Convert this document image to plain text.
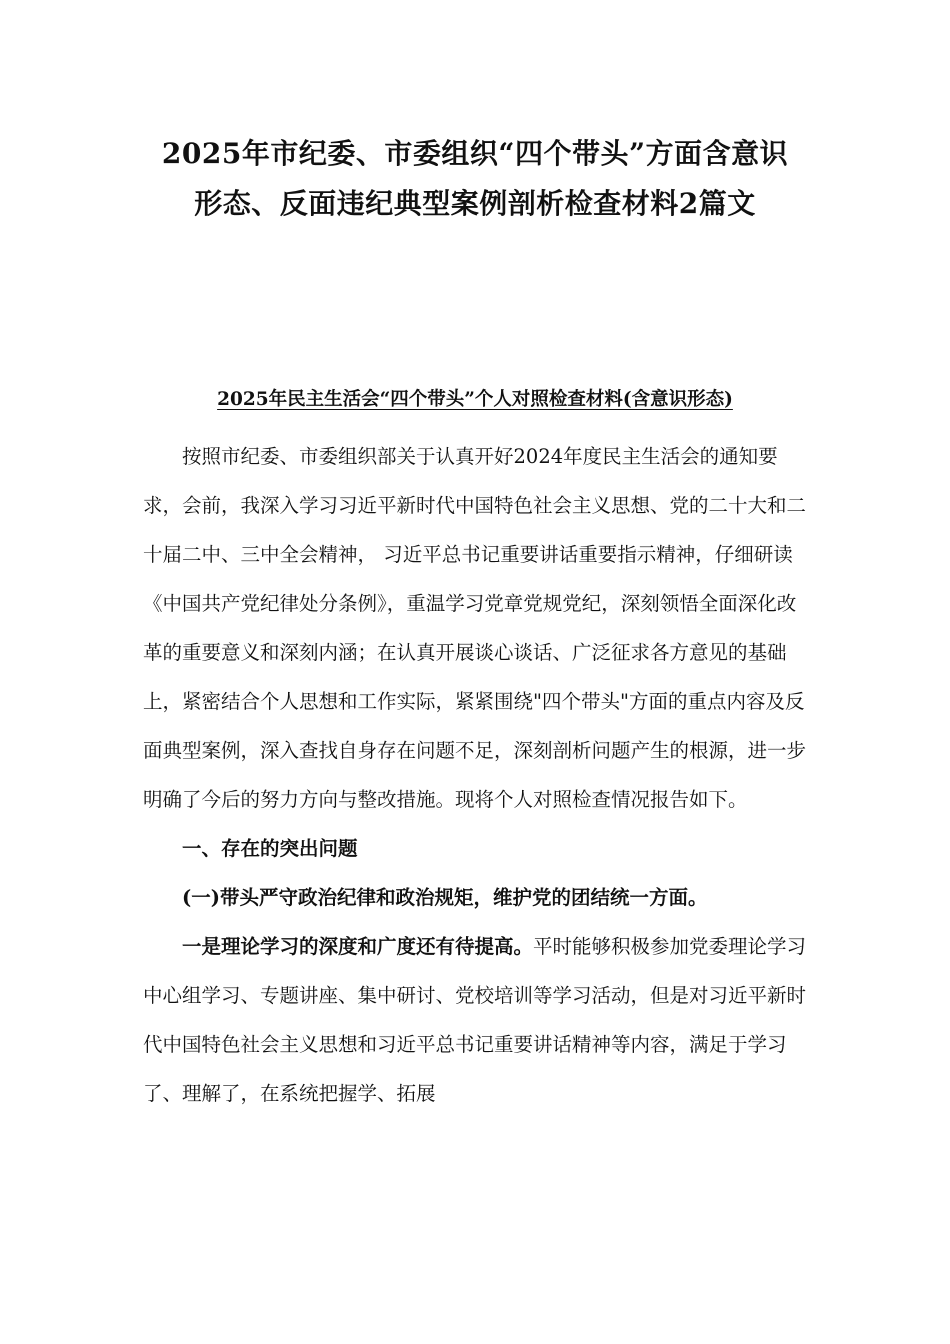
2025年市纪委、市委组织“四个带头”方面含意识
形态、反面违纪典型案例剖析检查材料2篇文
2025年民主生活会“四个带头”个人对照检查材料(含意识形态)

按照市纪委、市委组织部关于认真开好2024年度民主生活会的通知要求，会前，我深入学习习近平新时代中国特色社会主义思想、党的二十大和二十届二中、三中全会精神， 习近平总书记重要讲话重要指示精神，仔细研读《中国共产党纪律处分条例》，重温学习党章党规党纪，深刻领悟全面深化改革的重要意义和深刻内涵；在认真开展谈心谈话、广泛征求各方意见的基础上，紧密结合个人思想和工作实际，紧紧围绕"四个带头"方面的重点内容及反面典型案例，深入查找自身存在问题不足，深刻剖析问题产生的根源，进一步明确了今后的努力方向与整改措施。现将个人对照检查情况报告如下。

一、存在的突出问题

(一)带头严守政治纪律和政治规矩，维护党的团结统一方面。

一是理论学习的深度和广度还有待提高。平时能够积极参加党委理论学习中心组学习、专题讲座、集中研讨、党校培训等学习活动，但是对习近平新时代中国特色社会主义思想和习近平总书记重要讲话精神等内容，满足于学习了、理解了，在系统把握学、拓展
